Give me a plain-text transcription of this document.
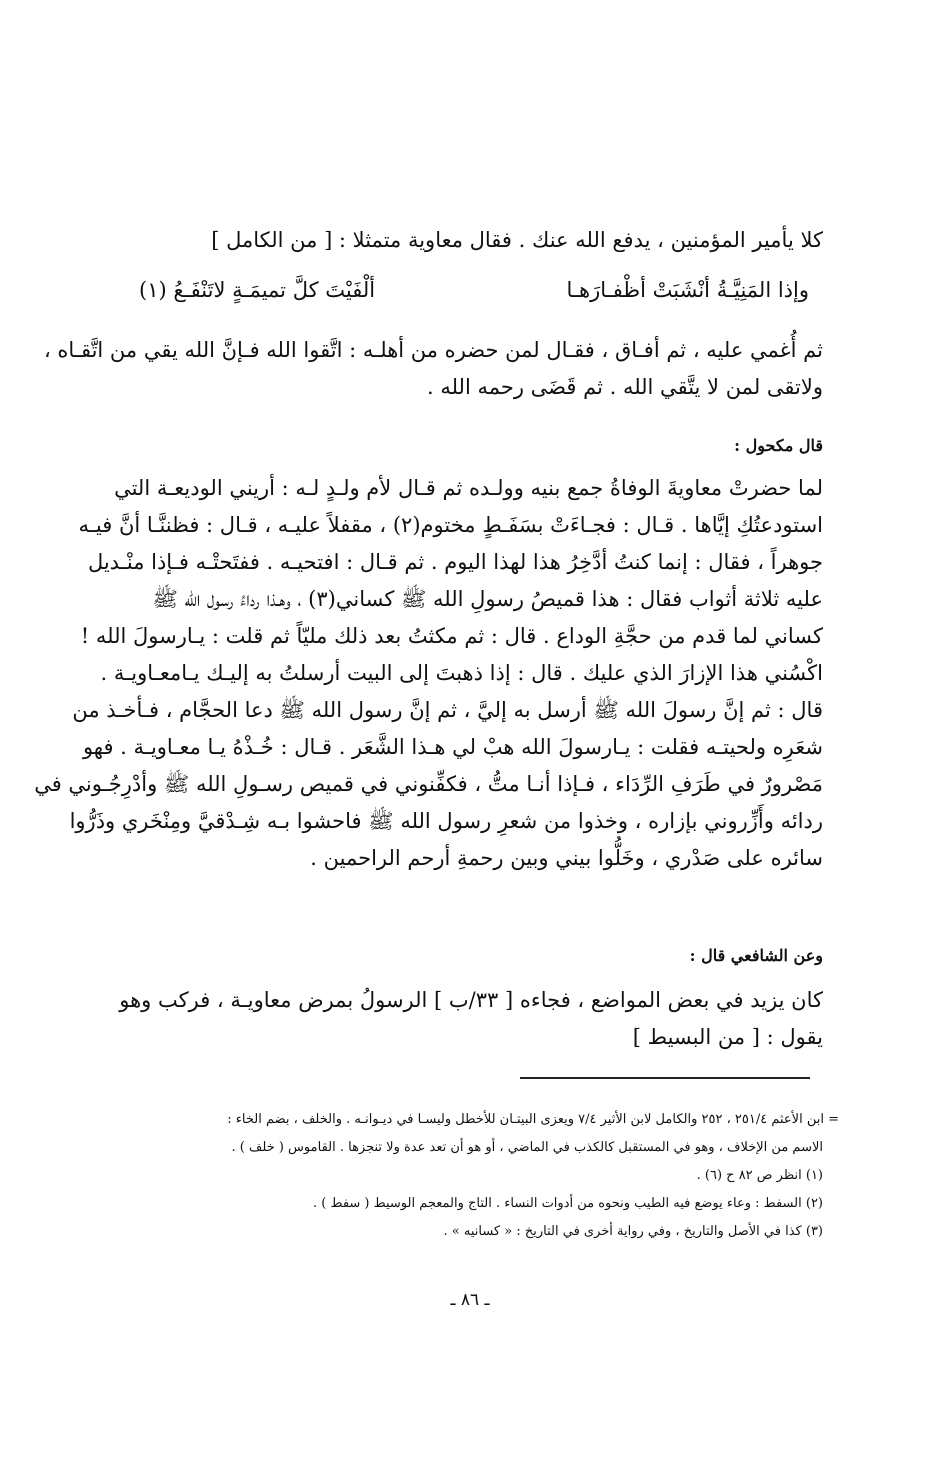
كلا يأمير المؤمنين ، يدفع الله عنك . فقال معاوية متمثلا : [ من الكامل ]
وإذا المَنِيَّـةُ أنْشَبَتْ أظْفـارَهـا
ألْفَيْتَ كلَّ تميمَـةٍ لاتَنْفَـعُ (١)
ثم أُغمي عليه ، ثم أفـاق ، فقـال لمن حضره من أهلـه : اتَّقوا الله فـإنَّ الله يقي من اتَّقـاه ،
ولاتقى لمن لا يتَّقي الله . ثم قَضَى رحمه الله .
قال مكحول :
لما حضرتْ معاويةَ الوفاةُ جمع بنيه وولـده ثم قـال لأم ولـدٍ لـه : أريني الوديعـة التي
استودعتُكِ إيَّاها . قـال : فجـاءَتْ بسَفَـطٍ مختوم(٢) ، مقفلاً عليـه ، قـال : فظننَّـا أنَّ فيـه
جوهراً ، فقال : إنما كنتُ أدَّخِرُ هذا لهذا اليوم . ثم قـال : افتحيـه . ففتَحتْـه فـإذا منْـديل
عليه ثلاثة أثواب فقال : هذا قميصُ رسولِ الله ﷺ كساني(٣) ، وهـذا رداءُ رسول الله ﷺ
كساني لما قدم من حجَّةِ الوداع . قال : ثم مكثتُ بعد ذلك مليّاً ثم قلت : يـارسولَ الله !
اكْسُني هذا الإزارَ الذي عليك . قال : إذا ذهبتَ إلى البيت أرسلتُ به إليـك يـامعـاويـة .
قال : ثم إنَّ رسولَ الله ﷺ أرسل به إليَّ ، ثم إنَّ رسول الله ﷺ دعا الحجَّام ، فـأخـذ من
شعَرِه ولحيتـه فقلت : يـارسولَ الله هبْ لي هـذا الشَّعَر . قـال : خُـذْهُ يـا معـاويـة . فهو
مَصْرورٌ في طَرَفِ الرِّدَاء ، فـإذا أنـا متُّ ، فكفِّنوني في قميص رسـولِ الله ﷺ وأدْرِجُـوني في
ردائه وأَزِّروني بإزاره ، وخذوا من شعرِ رسول الله ﷺ فاحشوا بـه شِـدْقيَّ ومِنْخَري وذَرُّوا
سائره على صَدْري ، وخَلُّوا بيني وبين رحمةِ أرحم الراحمين .
وعن الشافعي قال :
كان يزيد في بعض المواضع ، فجاءه [ ٣٣/ب ] الرسولُ بمرض معاويـة ، فركب وهو
يقول : [ من البسيط ]
= ابن الأعثم ٢٥١/٤ ، ٢٥٢ والكامل لابن الأثير ٧/٤ ويعزى البيتـان للأخطل وليسـا في ديـوانـه . والخلف ، بضم الخاء :
الاسم من الإخلاف ، وهو في المستقبل كالكذب في الماضي ، أو هو أن تعد عدة ولا تنجزها . القاموس ( خلف ) .
(١) انظر ص ٨٢ ح (٦) .
(٢) السفط : وعاء يوضع فيه الطيب ونحوه من أدوات النساء . التاج والمعجم الوسيط ( سفط ) .
(٣) كذا في الأصل والتاريخ ، وفي رواية أخرى في التاريخ : « كسانيه » .
ـ ٨٦ ـ
